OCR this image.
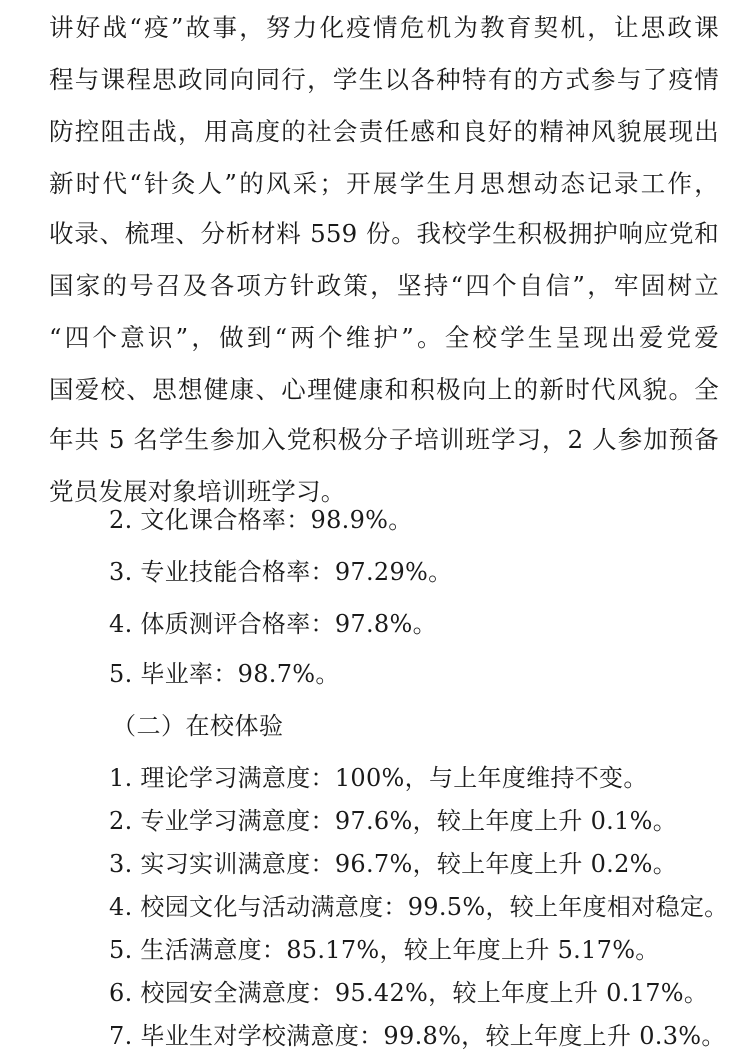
讲好战“疫”故事，努力化疫情危机为教育契机，让思政课
程与课程思政同向同行，学生以各种特有的方式参与了疫情
防控阻击战，用高度的社会责任感和良好的精神风貌展现出
新时代“针灸人”的风采；开展学生月思想动态记录工作，
收录、梳理、分析材料 559 份。我校学生积极拥护响应党和
国家的号召及各项方针政策，坚持“四个自信”，牢固树立
“四个意识”，做到“两个维护”。全校学生呈现出爱党爱
国爱校、思想健康、心理健康和积极向上的新时代风貌。全
年共 5 名学生参加入党积极分子培训班学习，2 人参加预备
党员发展对象培训班学习。
2. 文化课合格率：98.9%。
3. 专业技能合格率：97.29%。
4. 体质测评合格率：97.8%。
5. 毕业率：98.7%。
（二）在校体验
1. 理论学习满意度：100%，与上年度维持不变。
2. 专业学习满意度：97.6%，较上年度上升 0.1%。
3. 实习实训满意度：96.7%，较上年度上升 0.2%。
4. 校园文化与活动满意度：99.5%，较上年度相对稳定。
5. 生活满意度：85.17%，较上年度上升 5.17%。
6. 校园安全满意度：95.42%，较上年度上升 0.17%。
7. 毕业生对学校满意度：99.8%，较上年度上升 0.3%。
